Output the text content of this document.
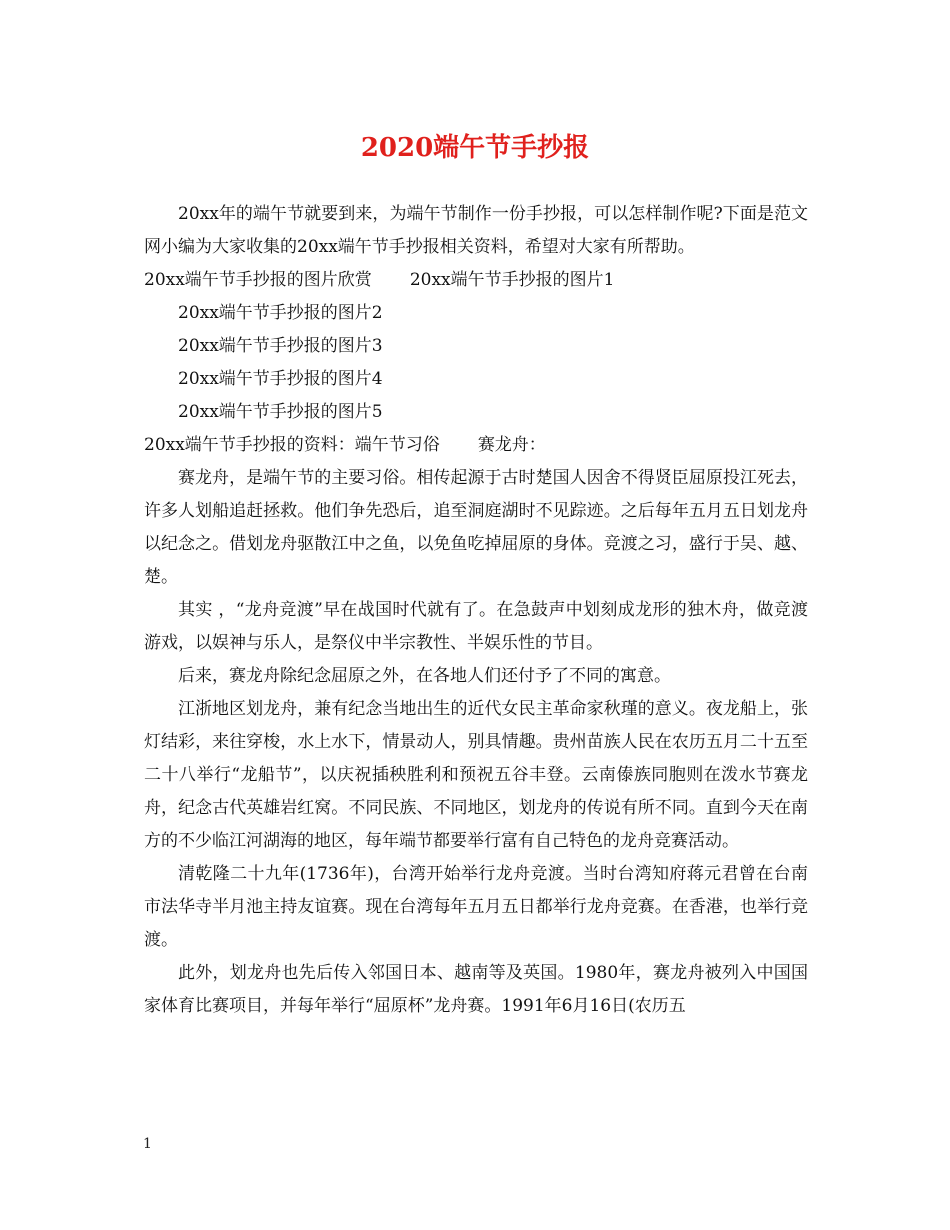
2020端午节手抄报

20xx年的端午节就要到来，为端午节制作一份手抄报，可以怎样制作呢?下面是范文网小编为大家收集的20xx端午节手抄报相关资料，希望对大家有所帮助。

20xx端午节手抄报的图片欣赏 20xx端午节手抄报的图片1

20xx端午节手抄报的图片2

20xx端午节手抄报的图片3

20xx端午节手抄报的图片4

20xx端午节手抄报的图片5

20xx端午节手抄报的资料：端午节习俗 赛龙舟：

赛龙舟，是端午节的主要习俗。相传起源于古时楚国人因舍不得贤臣屈原投江死去，许多人划船追赶拯救。他们争先恐后，追至洞庭湖时不见踪迹。之后每年五月五日划龙舟以纪念之。借划龙舟驱散江中之鱼，以免鱼吃掉屈原的身体。竞渡之习，盛行于吴、越、楚。

其实 ，“龙舟竞渡”早在战国时代就有了。在急鼓声中划刻成龙形的独木舟，做竞渡游戏，以娱神与乐人，是祭仪中半宗教性、半娱乐性的节目。

后来，赛龙舟除纪念屈原之外，在各地人们还付予了不同的寓意。

江浙地区划龙舟，兼有纪念当地出生的近代女民主革命家秋瑾的意义。夜龙船上，张灯结彩，来往穿梭，水上水下，情景动人，别具情趣。贵州苗族人民在农历五月二十五至二十八举行“龙船节”，以庆祝插秧胜利和预祝五谷丰登。云南傣族同胞则在泼水节赛龙舟，纪念古代英雄岩红窝。不同民族、不同地区，划龙舟的传说有所不同。直到今天在南方的不少临江河湖海的地区，每年端节都要举行富有自己特色的龙舟竞赛活动。

清乾隆二十九年(1736年)，台湾开始举行龙舟竞渡。当时台湾知府蒋元君曾在台南市法华寺半月池主持友谊赛。现在台湾每年五月五日都举行龙舟竞赛。在香港，也举行竞渡。

此外，划龙舟也先后传入邻国日本、越南等及英国。1980年，赛龙舟被列入中国国家体育比赛项目，并每年举行“屈原杯”龙舟赛。1991年6月16日(农历五

1
